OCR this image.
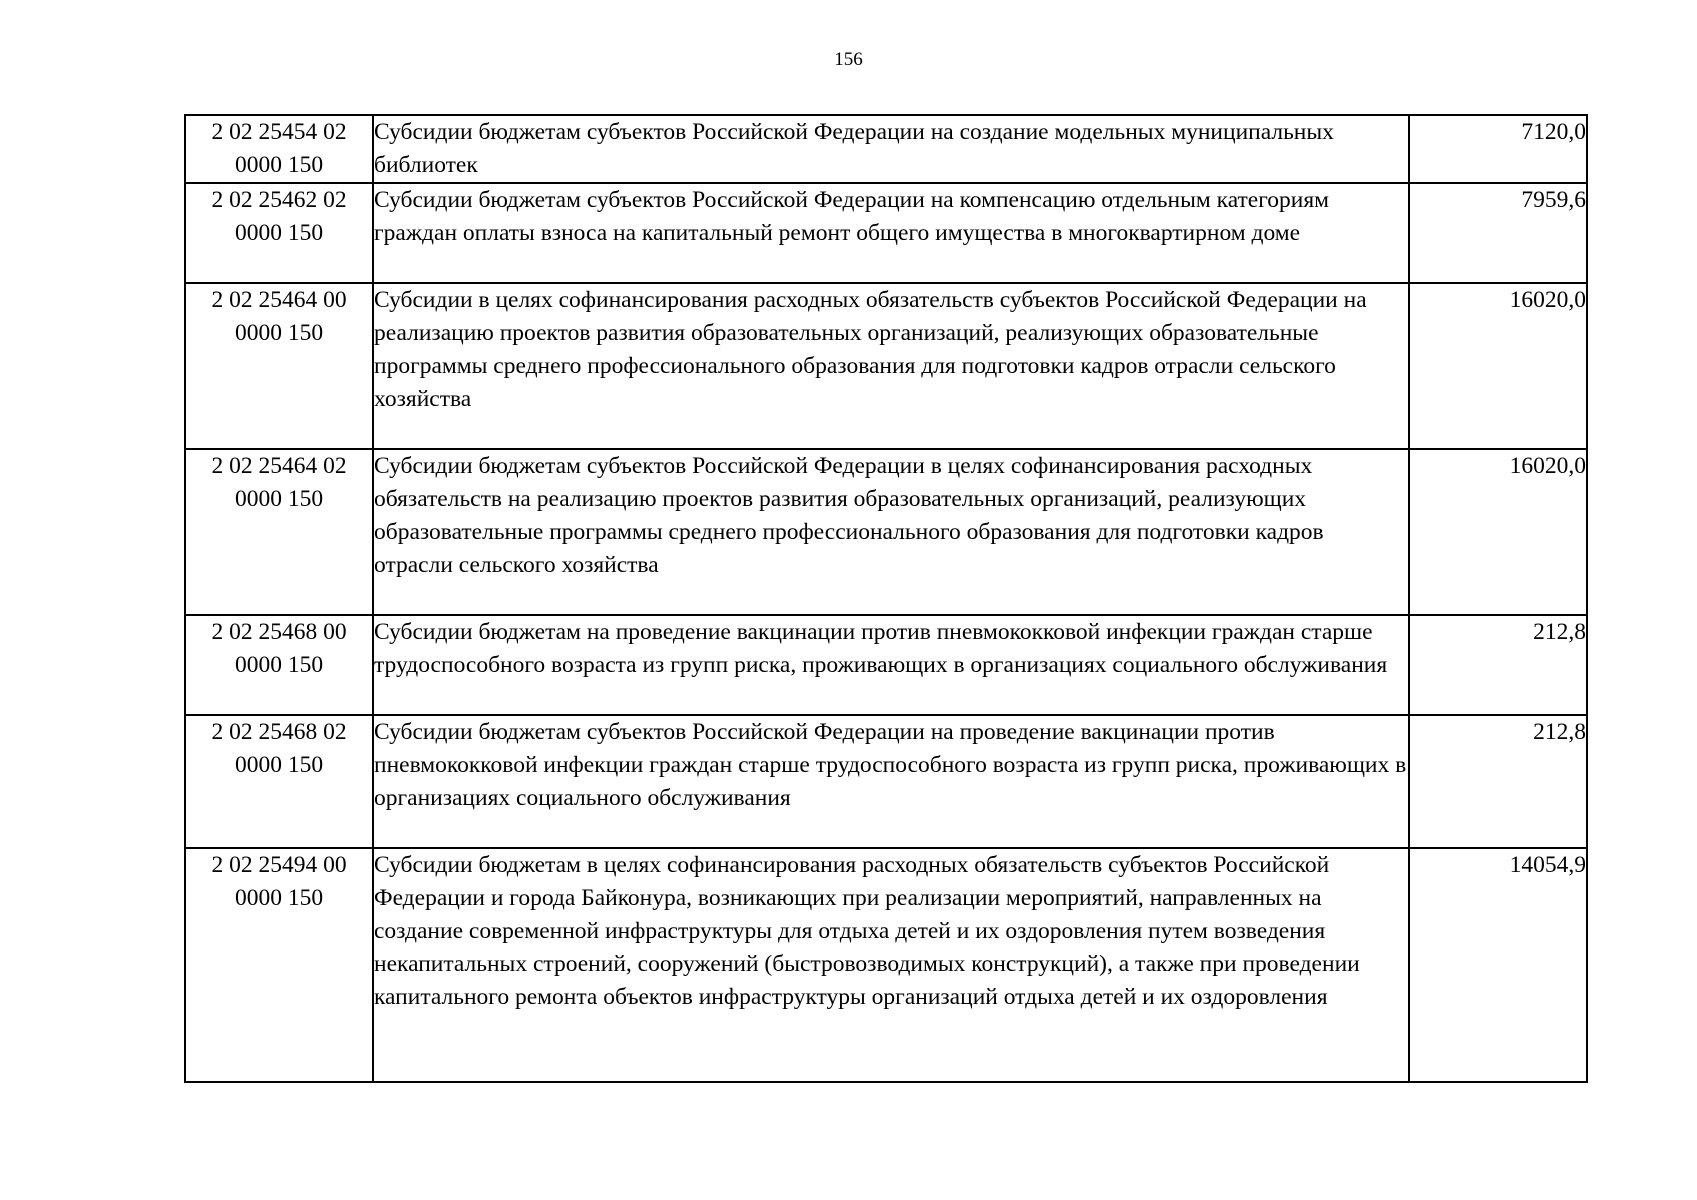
156
2 02 25454 02
0000 150	Субсидии бюджетам субъектов Российской Федерации на создание модельных муниципальных библиотек	7120,0

2 02 25462 02
0000 150	Субсидии бюджетам субъектов Российской Федерации на компенсацию отдельным категориям граждан оплаты взноса на капитальный ремонт общего имущества в многоквартирном доме	7959,6

2 02 25464 00
0000 150	Субсидии в целях софинансирования расходных обязательств субъектов Российской Федерации на реализацию проектов развития образовательных организаций, реализующих образовательные программы среднего профессионального образования для подготовки кадров отрасли сельского хозяйства	16020,0

2 02 25464 02
0000 150	Субсидии бюджетам субъектов Российской Федерации в целях софинансирования расходных обязательств на реализацию проектов развития образовательных организаций, реализующих образовательные программы среднего профессионального образования для подготовки кадров отрасли сельского хозяйства	16020,0

2 02 25468 00
0000 150	Субсидии бюджетам на проведение вакцинации против пневмококковой инфекции граждан старше трудоспособного возраста из групп риска, проживающих в организациях социального обслуживания	212,8

2 02 25468 02
0000 150	Субсидии бюджетам субъектов Российской Федерации на проведение вакцинации против пневмококковой инфекции граждан старше трудоспособного возраста из групп риска, проживающих в организациях социального обслуживания	212,8

2 02 25494 00
0000 150	Субсидии бюджетам в целях софинансирования расходных обязательств субъектов Российской Федерации и города Байконура, возникающих при реализации мероприятий, направленных на создание современной инфраструктуры для отдыха детей и их оздоровления путем возведения некапитальных строений, сооружений (быстровозводимых конструкций), а также при проведении капитального ремонта объектов инфраструктуры организаций отдыха детей и их оздоровления	14054,9
